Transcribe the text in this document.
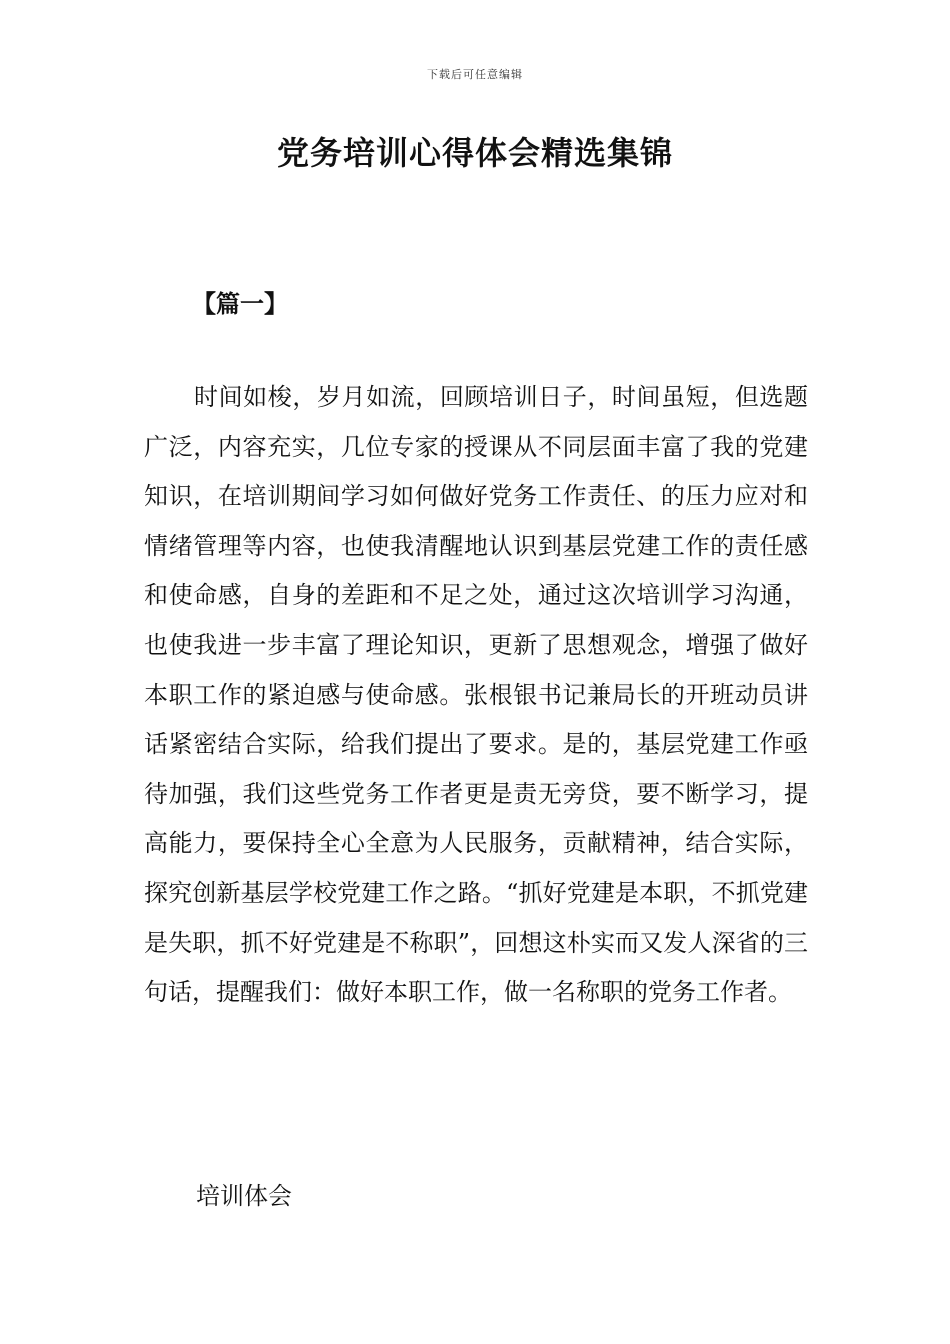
下载后可任意编辑
党务培训心得体会精选集锦
【篇一】

时间如梭，岁月如流，回顾培训日子，时间虽短，但选题广泛，内容充实，几位专家的授课从不同层面丰富了我的党建知识，在培训期间学习如何做好党务工作责任、的压力应对和情绪管理等内容，也使我清醒地认识到基层党建工作的责任感和使命感，自身的差距和不足之处，通过这次培训学习沟通，也使我进一步丰富了理论知识，更新了思想观念，增强了做好本职工作的紧迫感与使命感。张根银书记兼局长的开班动员讲话紧密结合实际，给我们提出了要求。是的，基层党建工作亟待加强，我们这些党务工作者更是责无旁贷，要不断学习，提高能力，要保持全心全意为人民服务，贡献精神，结合实际，探究创新基层学校党建工作之路。“抓好党建是本职，不抓党建是失职，抓不好党建是不称职”，回想这朴实而又发人深省的三句话，提醒我们：做好本职工作，做一名称职的党务工作者。

培训体会
